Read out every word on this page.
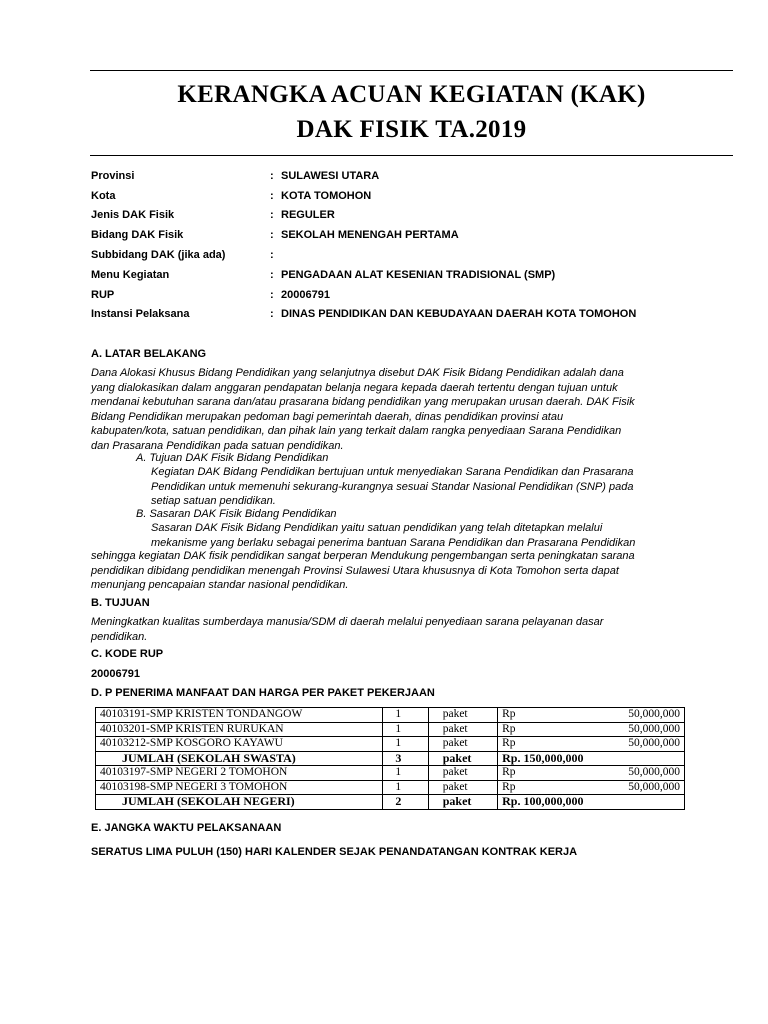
KERANGKA ACUAN KEGIATAN (KAK)
DAK FISIK TA.2019
Provinsi	: SULAWESI UTARA
Kota	: KOTA TOMOHON
Jenis DAK Fisik	: REGULER
Bidang DAK Fisik	: SEKOLAH MENENGAH PERTAMA
Subbidang DAK (jika ada)	:
Menu Kegiatan	: PENGADAAN ALAT KESENIAN TRADISIONAL (SMP)
RUP	: 20006791
Instansi Pelaksana	: DINAS PENDIDIKAN DAN KEBUDAYAAN DAERAH KOTA TOMOHON
A. LATAR BELAKANG
Dana Alokasi Khusus Bidang Pendidikan yang selanjutnya disebut DAK Fisik Bidang Pendidikan adalah dana
yang dialokasikan dalam anggaran pendapatan belanja negara kepada daerah tertentu dengan tujuan untuk
mendanai kebutuhan sarana dan/atau prasarana bidang pendidikan yang merupakan urusan daerah. DAK Fisik
Bidang Pendidikan merupakan pedoman bagi pemerintah daerah, dinas pendidikan provinsi atau
kabupaten/kota, satuan pendidikan, dan pihak lain yang terkait dalam rangka penyediaan Sarana Pendidikan
dan Prasarana Pendidikan pada satuan pendidikan.
A. Tujuan DAK Fisik Bidang Pendidikan
Kegiatan DAK Bidang Pendidikan bertujuan untuk menyediakan Sarana Pendidikan dan Prasarana
Pendidikan untuk memenuhi sekurang-kurangnya sesuai Standar Nasional Pendidikan (SNP) pada
setiap satuan pendidikan.
B. Sasaran DAK Fisik Bidang Pendidikan
Sasaran DAK Fisik Bidang Pendidikan yaitu satuan pendidikan yang telah ditetapkan melalui
mekanisme yang berlaku sebagai penerima bantuan Sarana Pendidikan dan Prasarana Pendidikan
sehingga kegiatan DAK fisik pendidikan sangat berperan Mendukung pengembangan serta peningkatan sarana
pendidikan dibidang pendidikan menengah Provinsi Sulawesi Utara khususnya di Kota Tomohon serta dapat
menunjang pencapaian standar nasional pendidikan.
B. TUJUAN
Meningkatkan kualitas sumberdaya manusia/SDM di daerah melalui penyediaan sarana pelayanan dasar
pendidikan.
C. KODE RUP
20006791
D. P PENERIMA MANFAAT DAN HARGA PER PAKET PEKERJAAN
40103191-SMP KRISTEN TONDANGOW	1	paket	Rp 50,000,000

40103201-SMP KRISTEN RURUKAN	1	paket	Rp 50,000,000

40103212-SMP KOSGORO KAYAWU	1	paket	Rp 50,000,000

JUMLAH (SEKOLAH SWASTA)	3	paket	Rp. 150,000,000

40103197-SMP NEGERI 2 TOMOHON	1	paket	Rp 50,000,000

40103198-SMP NEGERI 3 TOMOHON	1	paket	Rp 50,000,000

JUMLAH (SEKOLAH NEGERI)	2	paket	Rp. 100,000,000
E. JANGKA WAKTU PELAKSANAAN
SERATUS LIMA PULUH (150) HARI KALENDER SEJAK PENANDATANGAN KONTRAK KERJA
